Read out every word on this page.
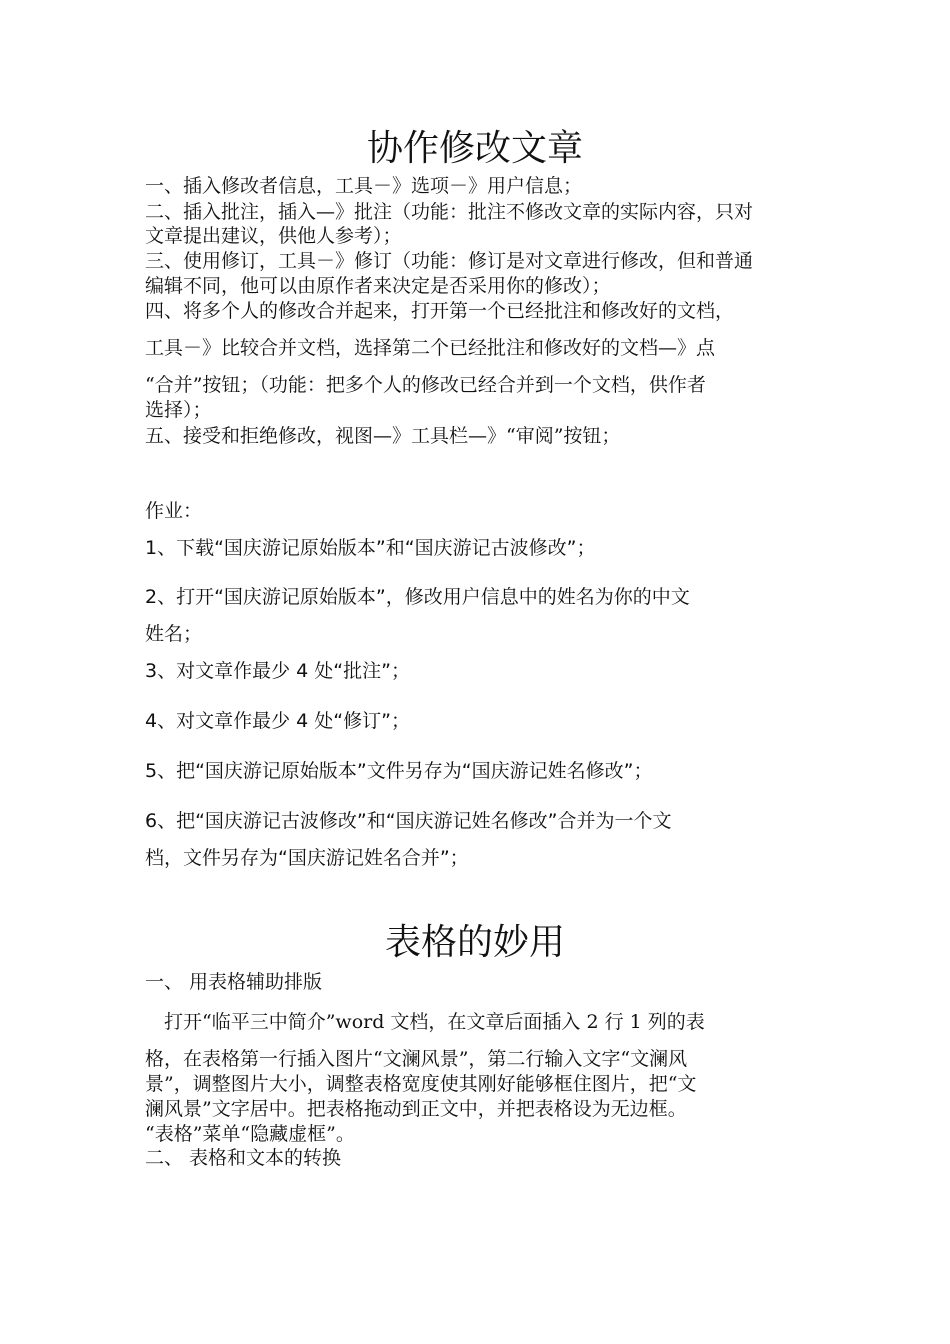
协作修改文章
一、插入修改者信息，工具－》选项－》用户信息；
二、插入批注，插入—》批注（功能：批注不修改文章的实际内容，只对
文章提出建议，供他人参考）；
三、使用修订，工具－》修订（功能：修订是对文章进行修改，但和普通
编辑不同，他可以由原作者来决定是否采用你的修改）；
四、将多个人的修改合并起来，打开第一个已经批注和修改好的文档，
工具－》比较合并文档，选择第二个已经批注和修改好的文档—》点
“合并”按钮；（功能：把多个人的修改已经合并到一个文档，供作者
选择）；
五、接受和拒绝修改，视图—》工具栏—》“审阅”按钮；
作业：
1、下载“国庆游记原始版本”和“国庆游记古波修改”；
2、打开“国庆游记原始版本”，修改用户信息中的姓名为你的中文
姓名；
3、对文章作最少 4 处“批注”；
4、对文章作最少 4 处“修订”；
5、把“国庆游记原始版本”文件另存为“国庆游记姓名修改”；
6、把“国庆游记古波修改”和“国庆游记姓名修改”合并为一个文
档，文件另存为“国庆游记姓名合并”；
表格的妙用
一、 用表格辅助排版
　打开“临平三中简介”word 文档，在文章后面插入 2 行 1 列的表
格，在表格第一行插入图片“文澜风景”，第二行输入文字“文澜风
景”，调整图片大小，调整表格宽度使其刚好能够框住图片，把“文
澜风景”文字居中。把表格拖动到正文中，并把表格设为无边框。
“表格”菜单“隐藏虚框”。
二、 表格和文本的转换
